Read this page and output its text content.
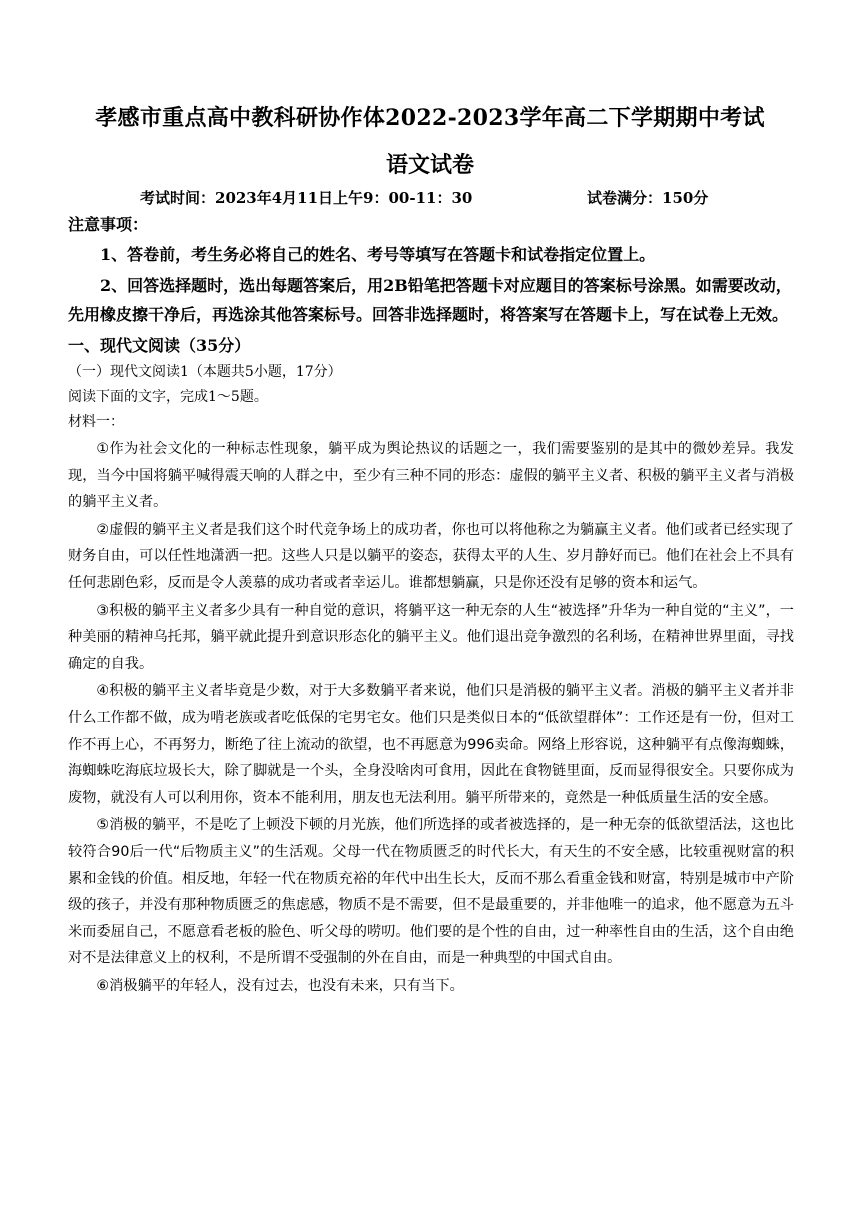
孝感市重点高中教科研协作体2022-2023学年高二下学期期中考试
语文试卷
考试时间：2023年4月11日上午9：00-11：30	试卷满分：150分
注意事项：
1、答卷前，考生务必将自己的姓名、考号等填写在答题卡和试卷指定位置上。
2、回答选择题时，选出每题答案后，用2B铅笔把答题卡对应题目的答案标号涂黑。如需要改动，先用橡皮擦干净后，再选涂其他答案标号。回答非选择题时，将答案写在答题卡上，写在试卷上无效。
一、现代文阅读（35分）
（一）现代文阅读1（本题共5小题，17分）
阅读下面的文字，完成1～5题。
材料一：

①作为社会文化的一种标志性现象，躺平成为舆论热议的话题之一，我们需要鉴别的是其中的微妙差异。我发现，当今中国将躺平喊得震天响的人群之中，至少有三种不同的形态：虚假的躺平主义者、积极的躺平主义者与消极的躺平主义者。

②虚假的躺平主义者是我们这个时代竞争场上的成功者，你也可以将他称之为躺赢主义者。他们或者已经实现了财务自由，可以任性地潇洒一把。这些人只是以躺平的姿态，获得太平的人生、岁月静好而已。他们在社会上不具有任何悲剧色彩，反而是令人羡慕的成功者或者幸运儿。谁都想躺赢，只是你还没有足够的资本和运气。

③积极的躺平主义者多少具有一种自觉的意识，将躺平这一种无奈的人生“被选择”升华为一种自觉的“主义”，一种美丽的精神乌托邦，躺平就此提升到意识形态化的躺平主义。他们退出竞争激烈的名利场，在精神世界里面，寻找确定的自我。

④积极的躺平主义者毕竟是少数，对于大多数躺平者来说，他们只是消极的躺平主义者。消极的躺平主义者并非什么工作都不做，成为啃老族或者吃低保的宅男宅女。他们只是类似日本的“低欲望群体”：工作还是有一份，但对工作不再上心，不再努力，断绝了往上流动的欲望，也不再愿意为996卖命。网络上形容说，这种躺平有点像海蜘蛛，海蜘蛛吃海底垃圾长大，除了脚就是一个头，全身没啥肉可食用，因此在食物链里面，反而显得很安全。只要你成为废物，就没有人可以利用你，资本不能利用，朋友也无法利用。躺平所带来的，竟然是一种低质量生活的安全感。

⑤消极的躺平，不是吃了上顿没下顿的月光族，他们所选择的或者被选择的，是一种无奈的低欲望活法，这也比较符合90后一代“后物质主义”的生活观。父母一代在物质匮乏的时代长大，有天生的不安全感，比较重视财富的积累和金钱的价值。相反地，年轻一代在物质充裕的年代中出生长大，反而不那么看重金钱和财富，特别是城市中产阶级的孩子，并没有那种物质匮乏的焦虑感，物质不是不需要，但不是最重要的，并非他唯一的追求，他不愿意为五斗米而委屈自己，不愿意看老板的脸色、听父母的唠叨。他们要的是个性的自由，过一种率性自由的生活，这个自由绝对不是法律意义上的权利，不是所谓不受强制的外在自由，而是一种典型的中国式自由。

⑥消极躺平的年轻人，没有过去，也没有未来，只有当下。
